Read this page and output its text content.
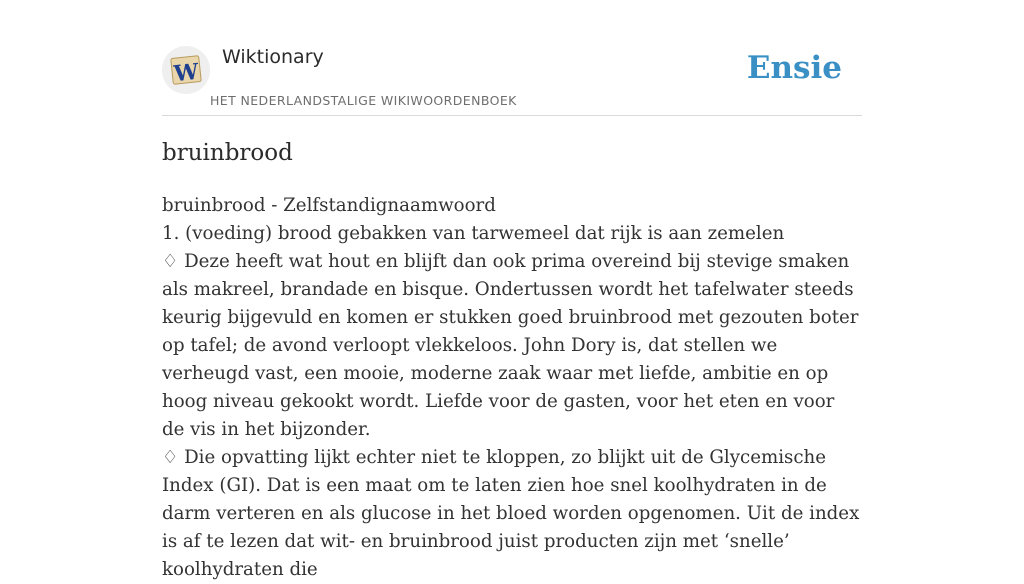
W
Wiktionary
HET NEDERLANDSTALIGE WIKIWOORDENBOEK
Ensie
bruinbrood

bruinbrood - Zelfstandignaamwoord

1. (voeding) brood gebakken van tarwemeel dat rijk is aan zemelen

♢ Deze heeft wat hout en blijft dan ook prima overeind bij stevige smaken als makreel, brandade en bisque. Ondertussen wordt het tafelwater steeds keurig bijgevuld en komen er stukken goed bruinbrood met gezouten boter op tafel; de avond verloopt vlekkeloos. John Dory is, dat stellen we verheugd vast, een mooie, moderne zaak waar met liefde, ambitie en op hoog niveau gekookt wordt. Liefde voor de gasten, voor het eten en voor de vis in het bijzonder.

♢ Die opvatting lijkt echter niet te kloppen, zo blijkt uit de Glycemische Index (GI). Dat is een maat om te laten zien hoe snel koolhydraten in de darm verteren en als glucose in het bloed worden opgenomen. Uit de index is af te lezen dat wit- en bruinbrood juist producten zijn met ‘snelle’ koolhydraten die
